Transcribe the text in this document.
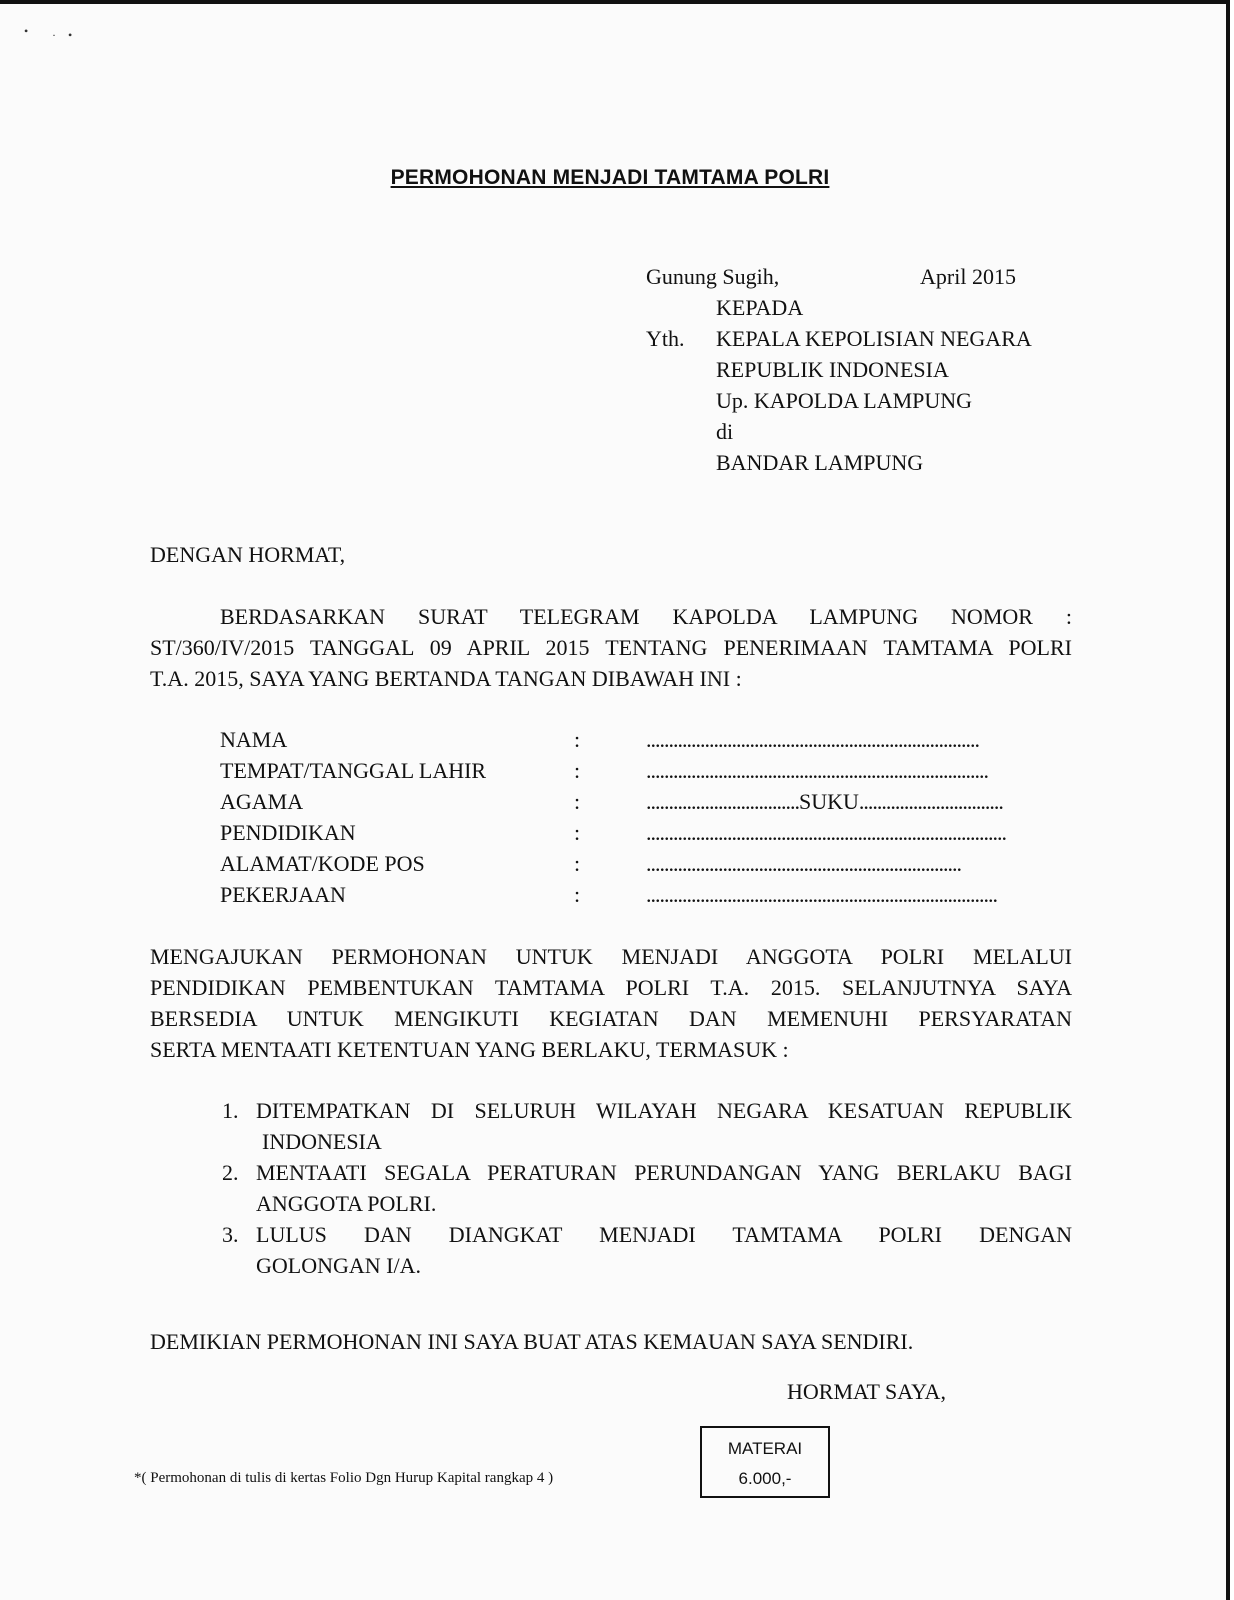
• · •
PERMOHONAN MENJADI TAMTAMA POLRI
Gunung Sugih,	April 2015
KEPADA
Yth. KEPALA KEPOLISIAN NEGARA
REPUBLIK INDONESIA
Up. KAPOLDA LAMPUNG
di
BANDAR LAMPUNG
DENGAN HORMAT,
BERDASARKAN SURAT TELEGRAM KAPOLDA LAMPUNG NOMOR :
ST/360/IV/2015 TANGGAL 09 APRIL 2015 TENTANG PENERIMAAN TAMTAMA POLRI
T.A. 2015, SAYA YANG BERTANDA TANGAN DIBAWAH INI :
NAMA	:	..........................................................................
TEMPAT/TANGGAL LAHIR	:	............................................................................
AGAMA	:	..................................SUKU................................
PENDIDIKAN	:	................................................................................
ALAMAT/KODE POS	:	......................................................................
PEKERJAAN	:	..............................................................................
MENGAJUKAN PERMOHONAN UNTUK MENJADI ANGGOTA POLRI MELALUI
PENDIDIKAN PEMBENTUKAN TAMTAMA POLRI T.A. 2015. SELANJUTNYA SAYA
BERSEDIA UNTUK MENGIKUTI KEGIATAN DAN MEMENUHI PERSYARATAN
SERTA MENTAATI KETENTUAN YANG BERLAKU, TERMASUK :
1. DITEMPATKAN DI SELURUH WILAYAH NEGARA KESATUAN REPUBLIK
INDONESIA
2. MENTAATI SEGALA PERATURAN PERUNDANGAN YANG BERLAKU BAGI
ANGGOTA POLRI.
3. LULUS DAN DIANGKAT MENJADI TAMTAMA POLRI DENGAN
GOLONGAN I/A.
DEMIKIAN PERMOHONAN INI SAYA BUAT ATAS KEMAUAN SAYA SENDIRI.
HORMAT SAYA,
MATERAI
6.000,-
*( Permohonan di tulis di kertas Folio Dgn Hurup Kapital rangkap 4 )
